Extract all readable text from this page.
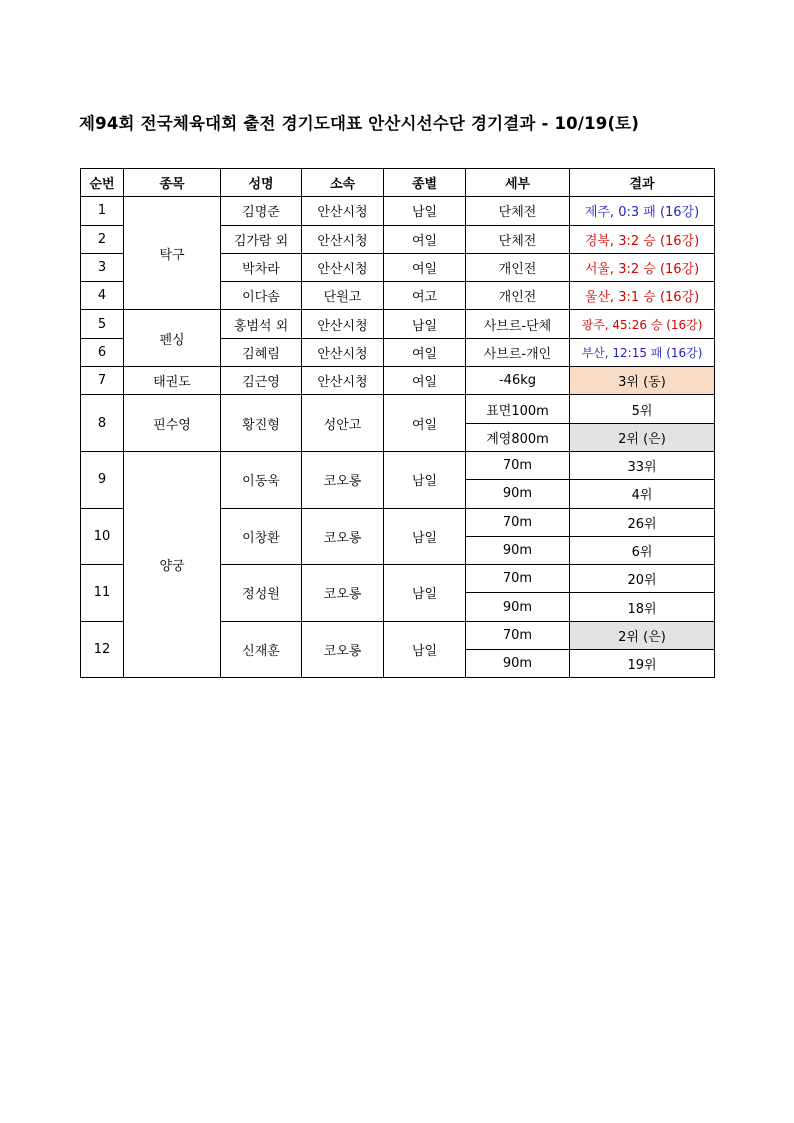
제94회 전국체육대회 출전 경기도대표 안산시선수단 경기결과 - 10/19(토)
순번	종목	성명	소속	종별	세부	결과
1	탁구	김명준	안산시청	남일	단체전	제주, 0:3 패 (16강)
2		김가람 외	안산시청	여일	단체전	경북, 3:2 승 (16강)
3		박차라	안산시청	여일	개인전	서울, 3:2 승 (16강)
4		이다솜	단원고	여고	개인전	울산, 3:1 승 (16강)
5	펜싱	홍범석 외	안산시청	남일	사브르-단체	광주, 45:26 승 (16강)
6		김혜림	안산시청	여일	사브르-개인	부산, 12:15 패 (16강)
7	태권도	김근영	안산시청	여일	-46kg	3위 (동)
8	핀수영	황진형	성안고	여일	표면100m	5위
					계영800m	2위 (은)
9	양궁	이동욱	코오롱	남일	70m	33위
					90m	4위
10		이창환	코오롱	남일	70m	26위
					90m	6위
11		정성원	코오롱	남일	70m	20위
					90m	18위
12		신재훈	코오롱	남일	70m	2위 (은)
					90m	19위
